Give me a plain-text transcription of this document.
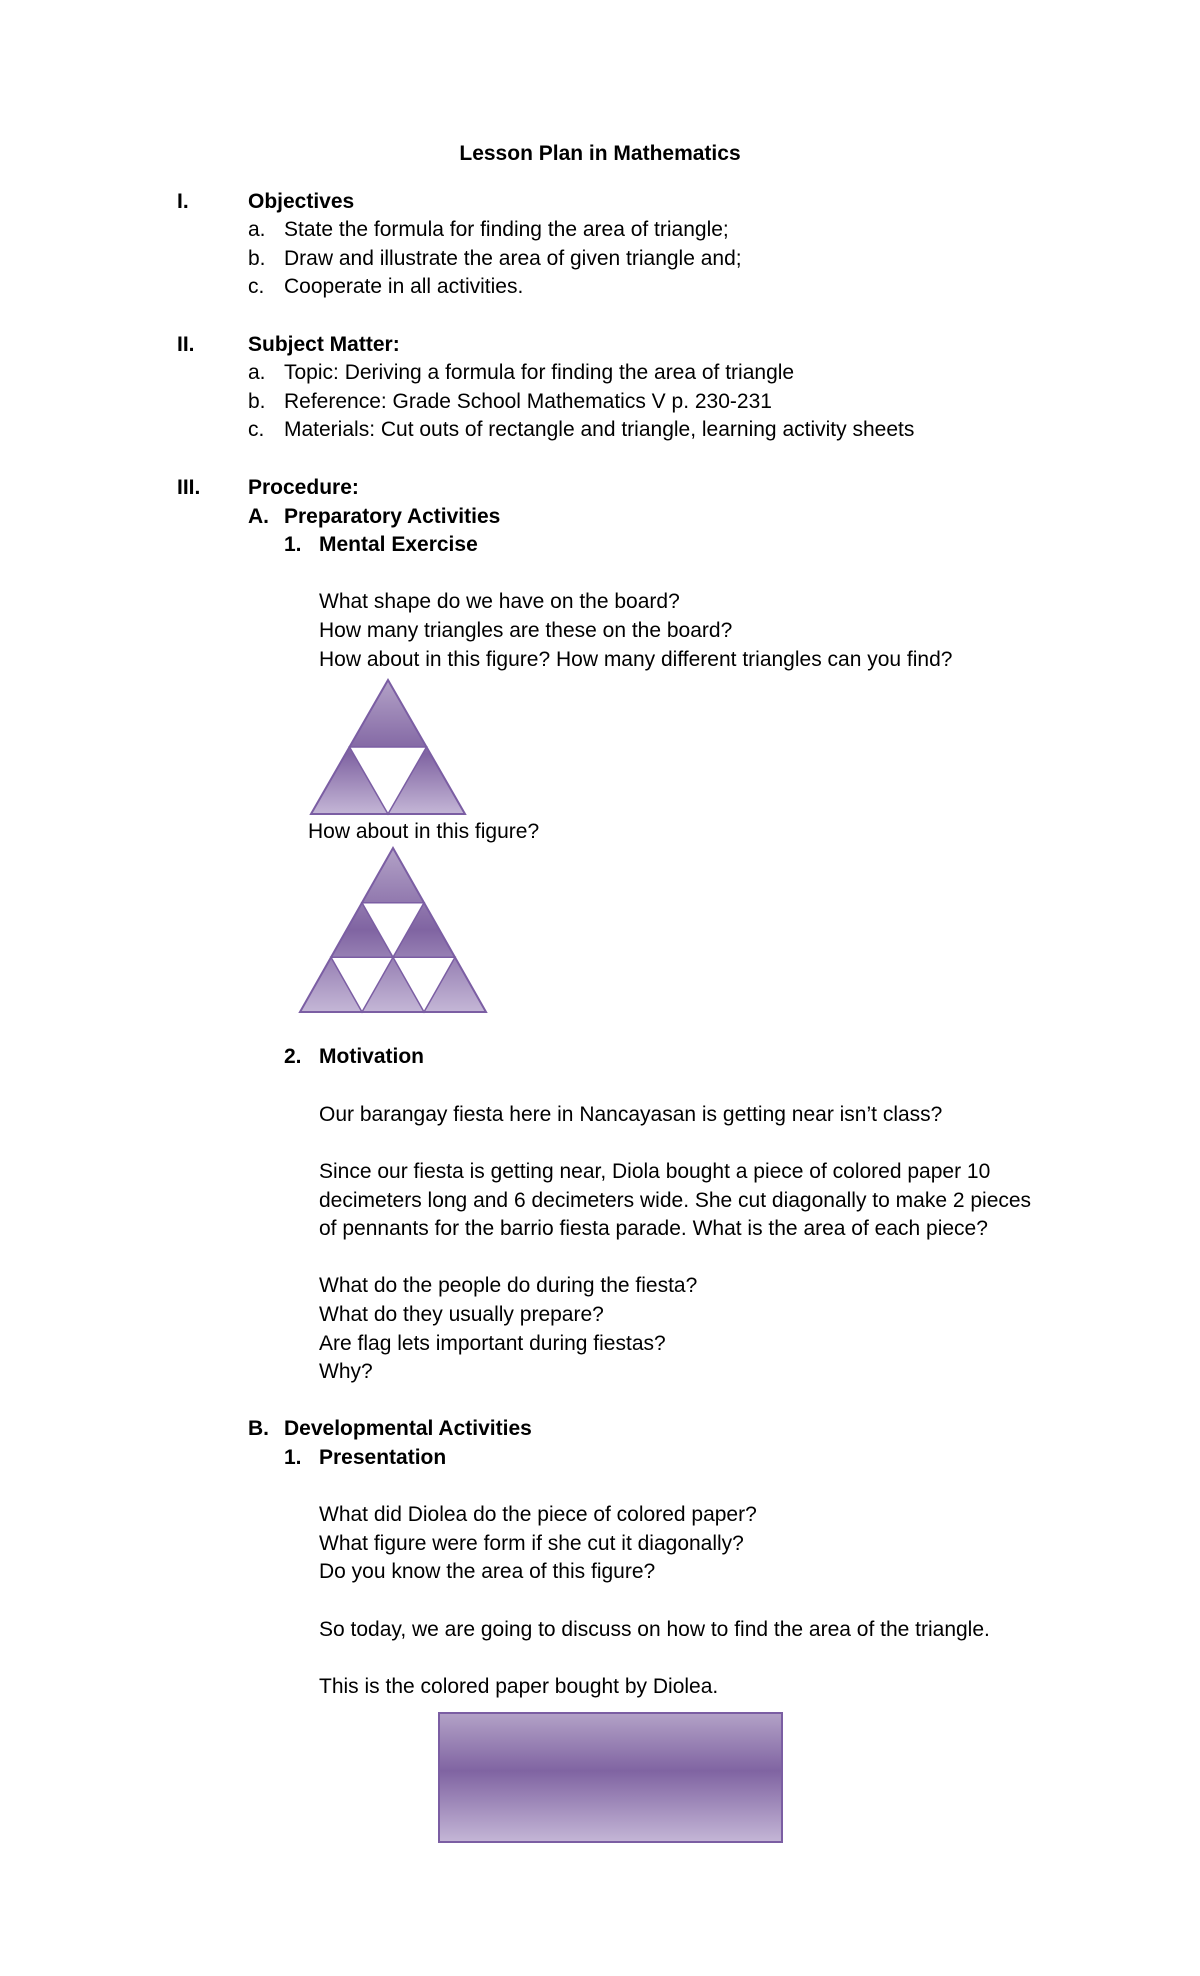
Lesson Plan in Mathematics
I.	Objectives
a. State the formula for finding the area of triangle;
b. Draw and illustrate the area of given triangle and;
c. Cooperate in all activities.
II.	Subject Matter:
a. Topic: Deriving a formula for finding the area of triangle
b. Reference: Grade School Mathematics V p. 230-231
c. Materials: Cut outs of rectangle and triangle, learning activity sheets
III. Procedure:
A. Preparatory Activities
1. Mental Exercise
What shape do we have on the board?
How many triangles are these on the board?
How about in this figure? How many different triangles can you find?
How about in this figure?
2. Motivation
Our barangay fiesta here in Nancayasan is getting near isn’t class?
Since our fiesta is getting near, Diola bought a piece of colored paper 10
decimeters long and 6 decimeters wide. She cut diagonally to make 2 pieces
of pennants for the barrio fiesta parade. What is the area of each piece?
What do the people do during the fiesta?
What do they usually prepare?
Are flag lets important during fiestas?
Why?
B. Developmental Activities
1. Presentation
What did Diolea do the piece of colored paper?
What figure were form if she cut it diagonally?
Do you know the area of this figure?
So today, we are going to discuss on how to find the area of the triangle.
This is the colored paper bought by Diolea.
